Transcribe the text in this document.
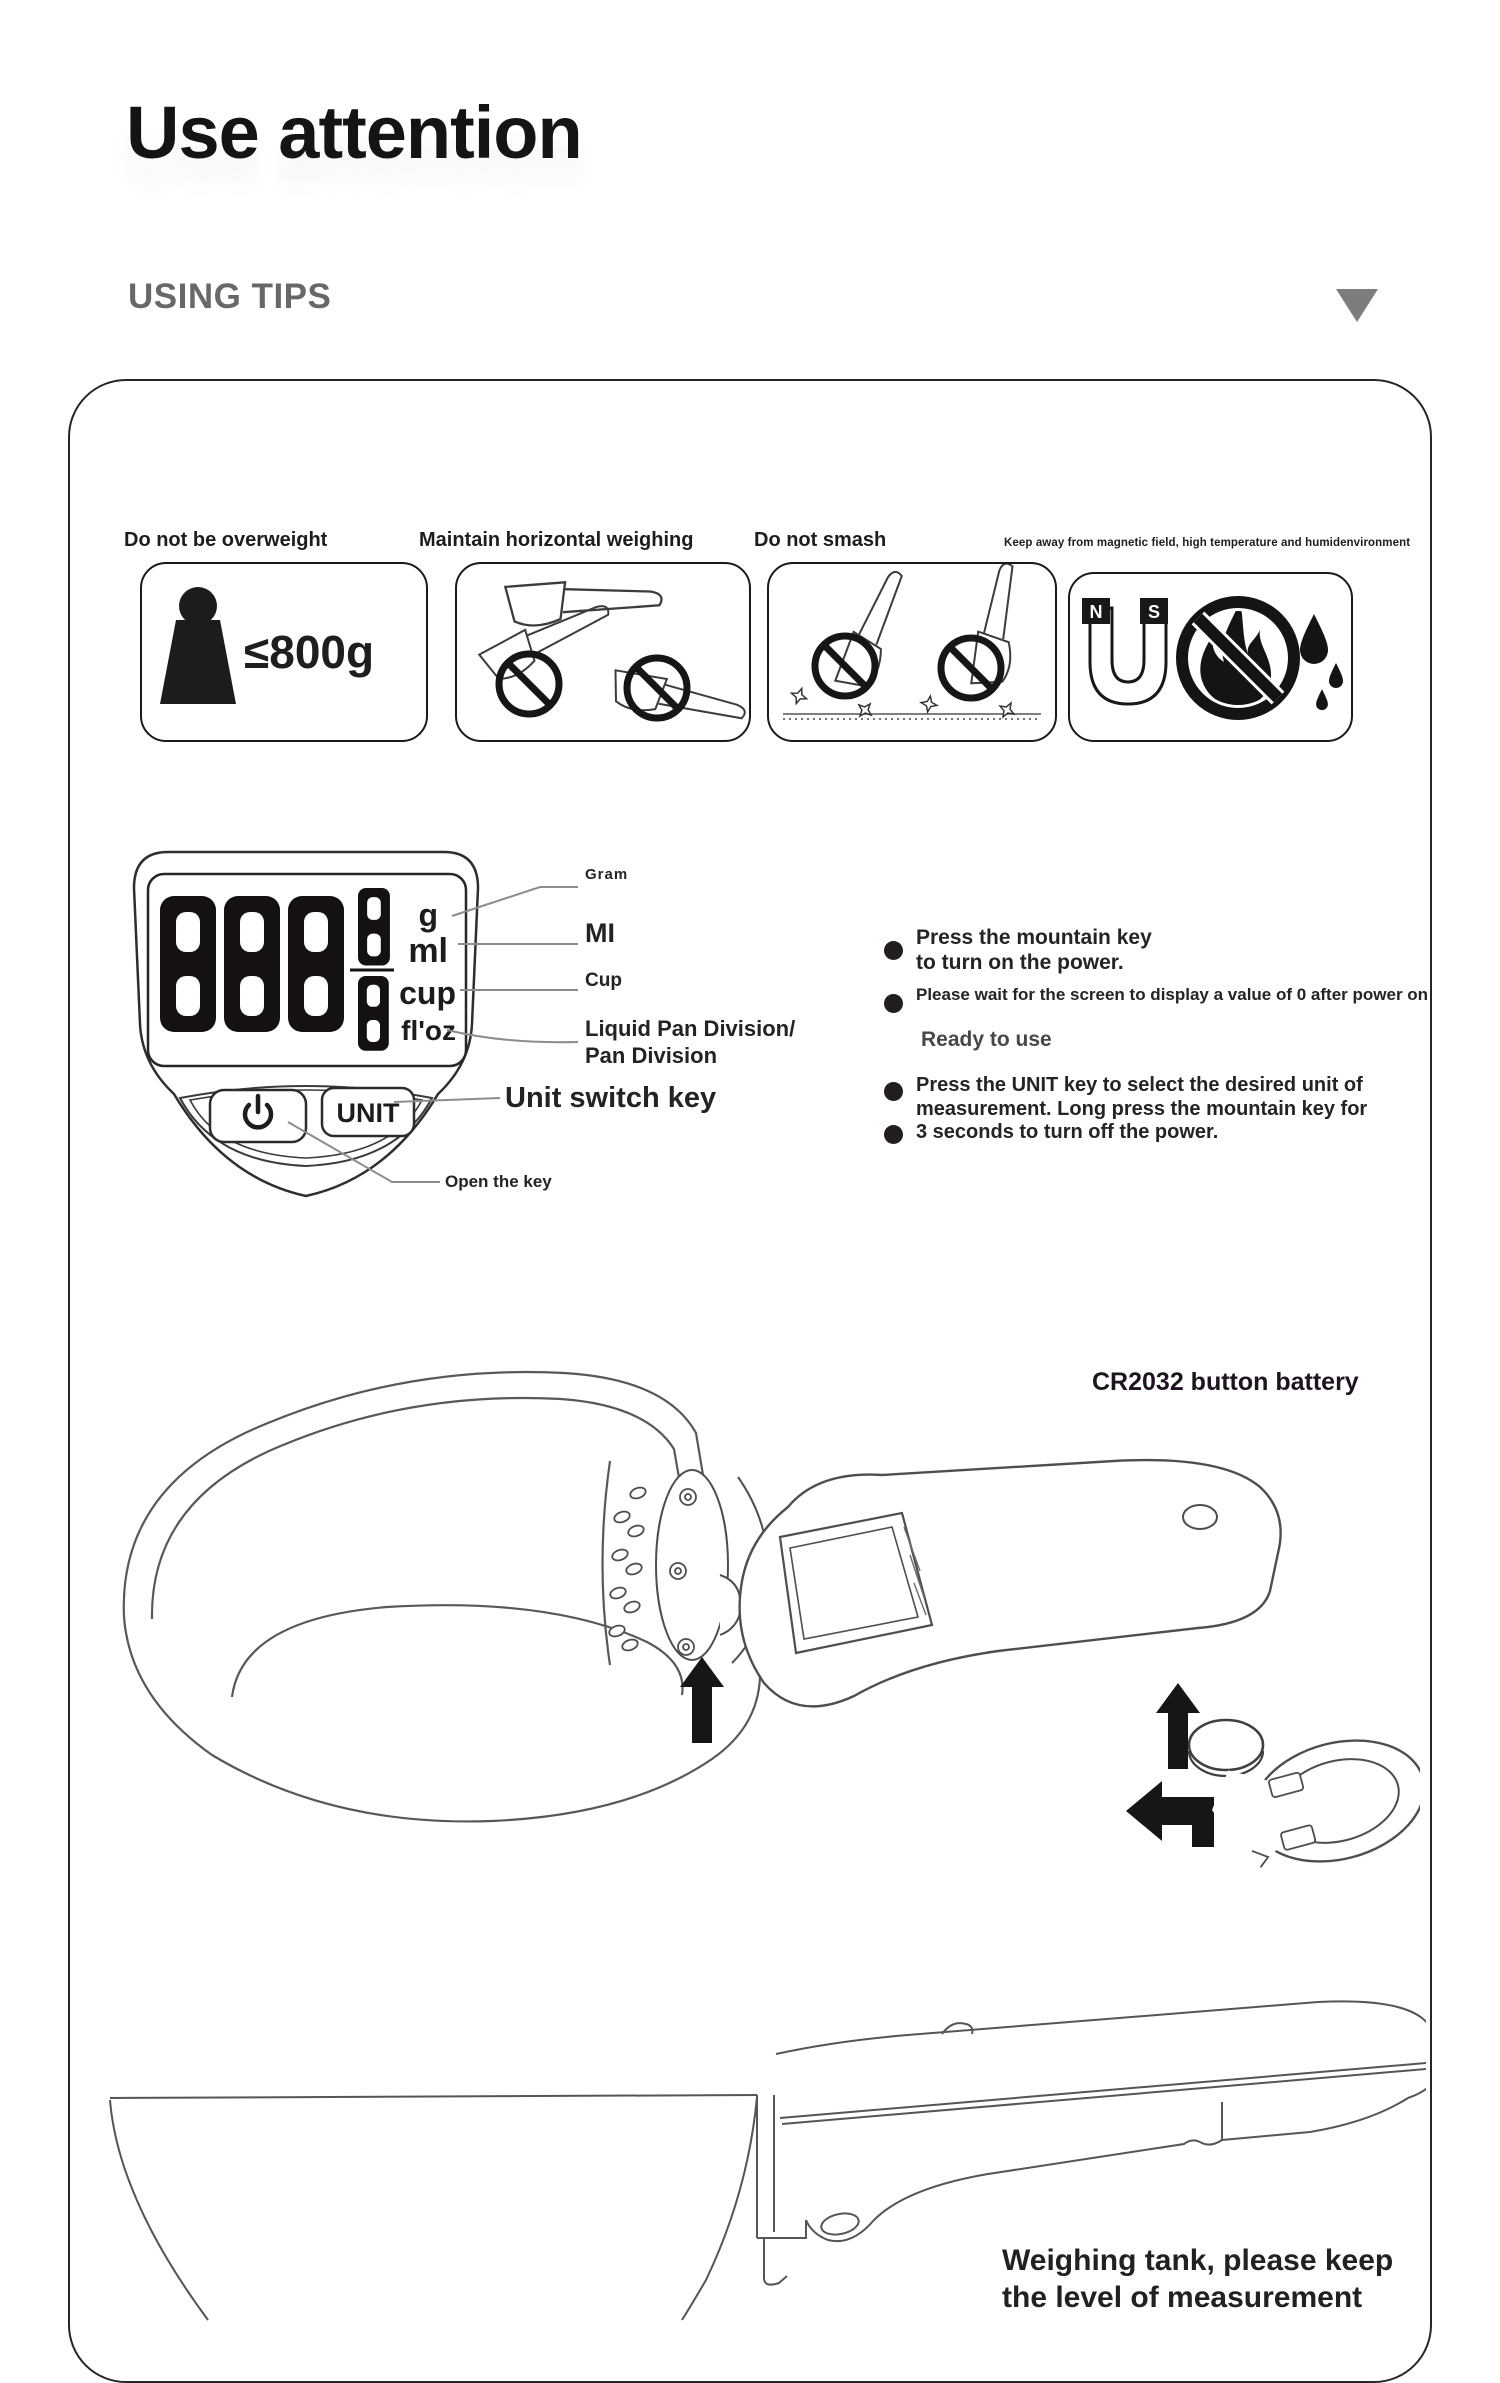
Use attention
USING TIPS
Do not be overweight	Maintain horizontal weighing	Do not smash	Keep away from magnetic field, high temperature and humidenvironment
≤800g
N	S
g
ml
cup
fl'oz
UNIT
Gram
MI
Cup
Liquid Pan Division/
Pan Division
Unit switch key
Open the key
Press the mountain key
to turn on the power.
Please wait for the screen to display a value of 0 after power on
Ready to use
Press the UNIT key to select the desired unit of
measurement. Long press the mountain key for
3 seconds to turn off the power.
CR2032 button battery
Weighing tank, please keep
the level of measurement
